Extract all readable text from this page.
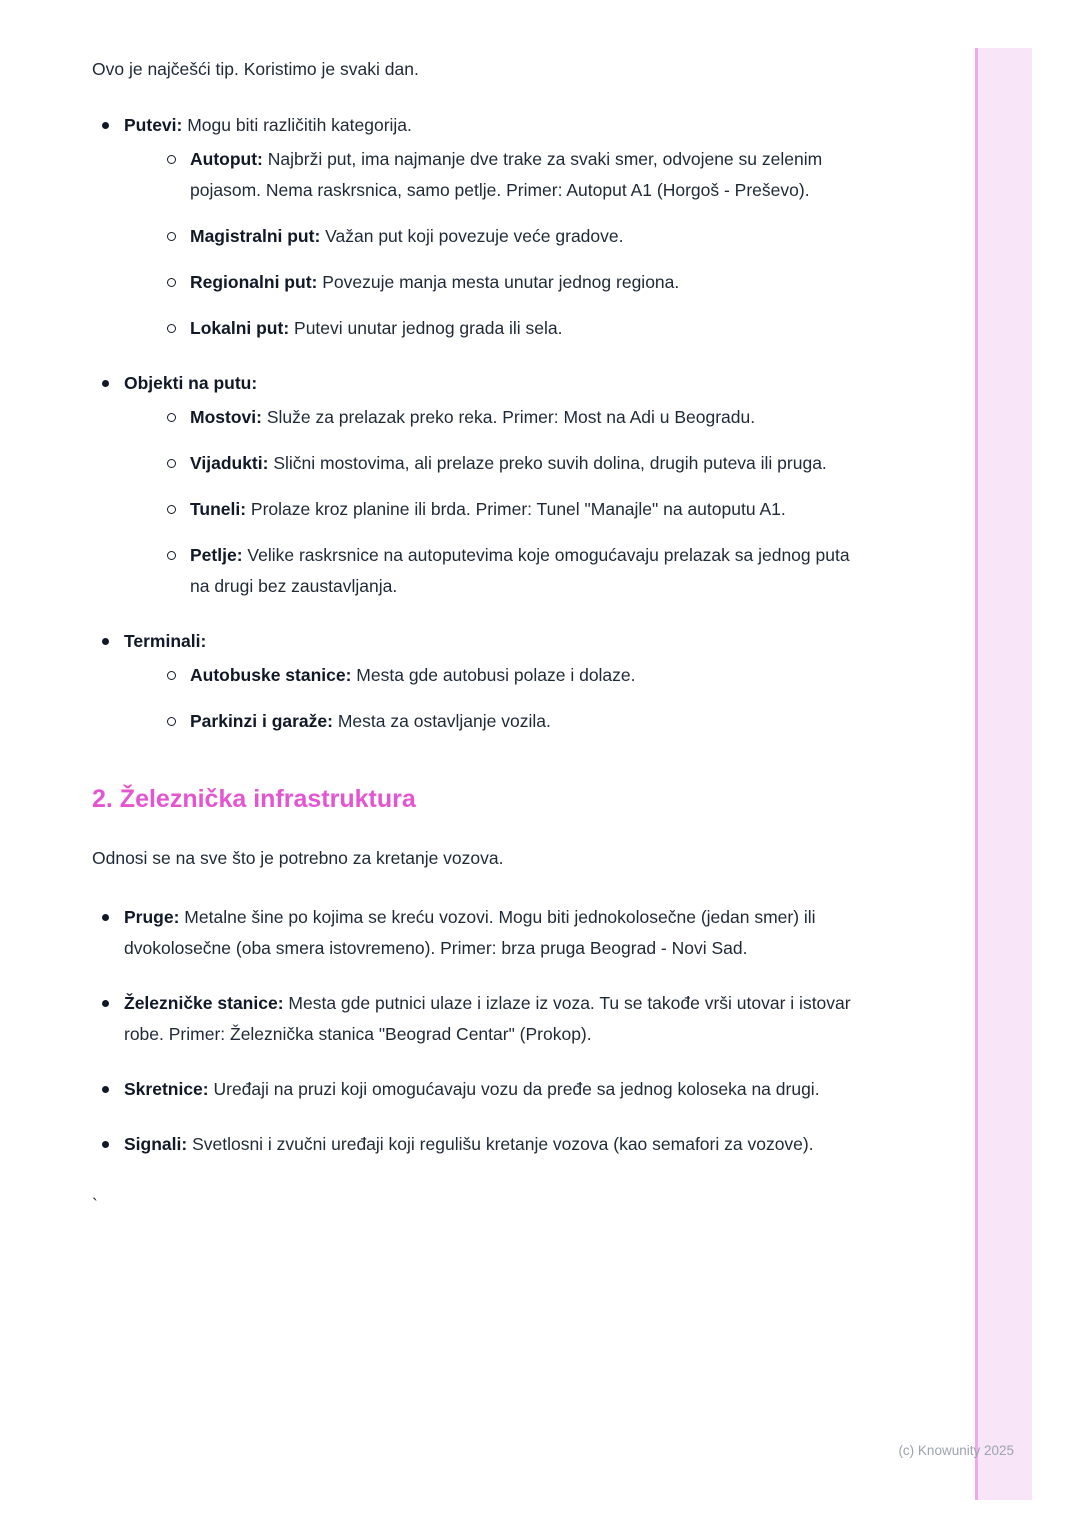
Ovo je najčešći tip. Koristimo je svaki dan.

Putevi: Mogu biti različitih kategorija.
Autoput: Najbrži put, ima najmanje dve trake za svaki smer, odvojene su zelenim pojasom. Nema raskrsnica, samo petlje. Primer: Autoput A1 (Horgoš - Preševo).
Magistralni put: Važan put koji povezuje veće gradove.
Regionalni put: Povezuje manja mesta unutar jednog regiona.
Lokalni put: Putevi unutar jednog grada ili sela.
Objekti na putu:
Mostovi: Služe za prelazak preko reka. Primer: Most na Adi u Beogradu.
Vijadukti: Slični mostovima, ali prelaze preko suvih dolina, drugih puteva ili pruga.
Tuneli: Prolaze kroz planine ili brda. Primer: Tunel "Manajle" na autoputu A1.
Petlje: Velike raskrsnice na autoputevima koje omogućavaju prelazak sa jednog puta na drugi bez zaustavljanja.
Terminali:
Autobuske stanice: Mesta gde autobusi polaze i dolaze.
Parkinzi i garaže: Mesta za ostavljanje vozila.
2. Železnička infrastruktura

Odnosi se na sve što je potrebno za kretanje vozova.

Pruge: Metalne šine po kojima se kreću vozovi. Mogu biti jednokolosečne (jedan smer) ili dvokolosečne (oba smera istovremeno). Primer: brza pruga Beograd - Novi Sad.
Železničke stanice: Mesta gde putnici ulaze i izlaze iz voza. Tu se takođe vrši utovar i istovar robe. Primer: Železnička stanica "Beograd Centar" (Prokop).
Skretnice: Uređaji na pruzi koji omogućavaju vozu da pređe sa jednog koloseka na drugi.
Signali: Svetlosni i zvučni uređaji koji regulišu kretanje vozova (kao semafori za vozove).

`

(c) Knowunity 2025
